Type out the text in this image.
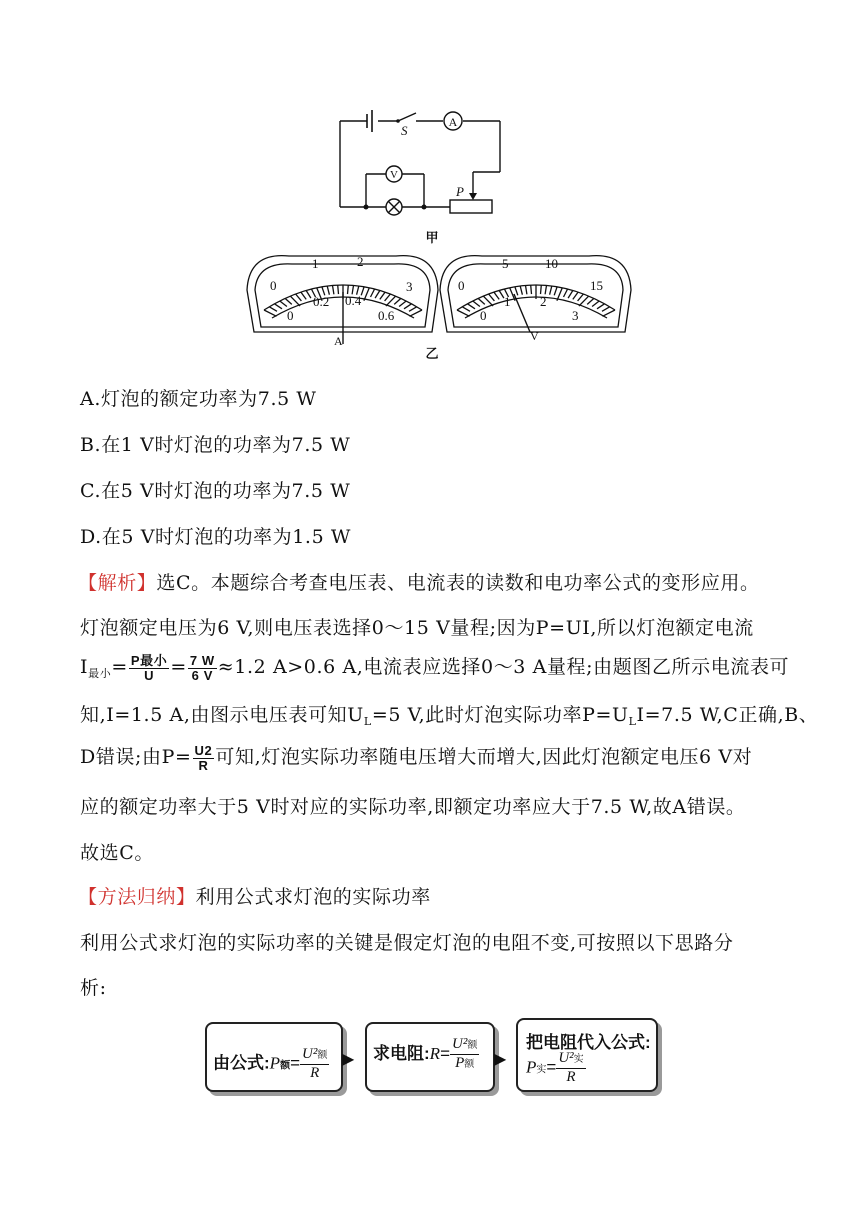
S
A
V
P
甲
0
1	2
3
0
0.2 0.4
0.6
A
0
5	10
15
0
1 2
3
V
乙
A.灯泡的额定功率为7.5 W
B.在1 V时灯泡的功率为7.5 W
C.在5 V时灯泡的功率为7.5 W
D.在5 V时灯泡的功率为1.5 W
【解析】选C。本题综合考查电压表、电流表的读数和电功率公式的变形应用。
灯泡额定电压为6 V,则电压表选择0～15 V量程;因为P=UI,所以灯泡额定电流
$I_{最小}= \frac{\text{P最小}}{U} = \frac{7 W}{6 V} \approx 1.2$ A>0.6 A,电流表应选择0～3 A量程;由题图乙所示电流表可
知,I=1.5 A,由图示电压表可知$U_L=5$ V,此时灯泡实际功率$P=U_LI=7.5$ W,C正确,B、
D错误;由$P= \frac{U2}{R}$ 可知,灯泡实际功率随电压增大而增大,因此灯泡额定电压6 V对
应的额定功率大于5 V时对应的实际功率,即额定功率应大于7.5 W,故A错误。
故选C。
【方法归纳】利用公式求灯泡的实际功率
利用公式求灯泡的实际功率的关键是假定灯泡的电阻不变,可按照以下思路分
析:
由公式:P额= $\frac{\text{U²额}}{R}$ ▶ 求电阻:R= $\frac{\text{U²额}}{\text{P额}}$ ▶
把电阻代入公式:
P实= $\frac{\text{U²实}}{R}$
